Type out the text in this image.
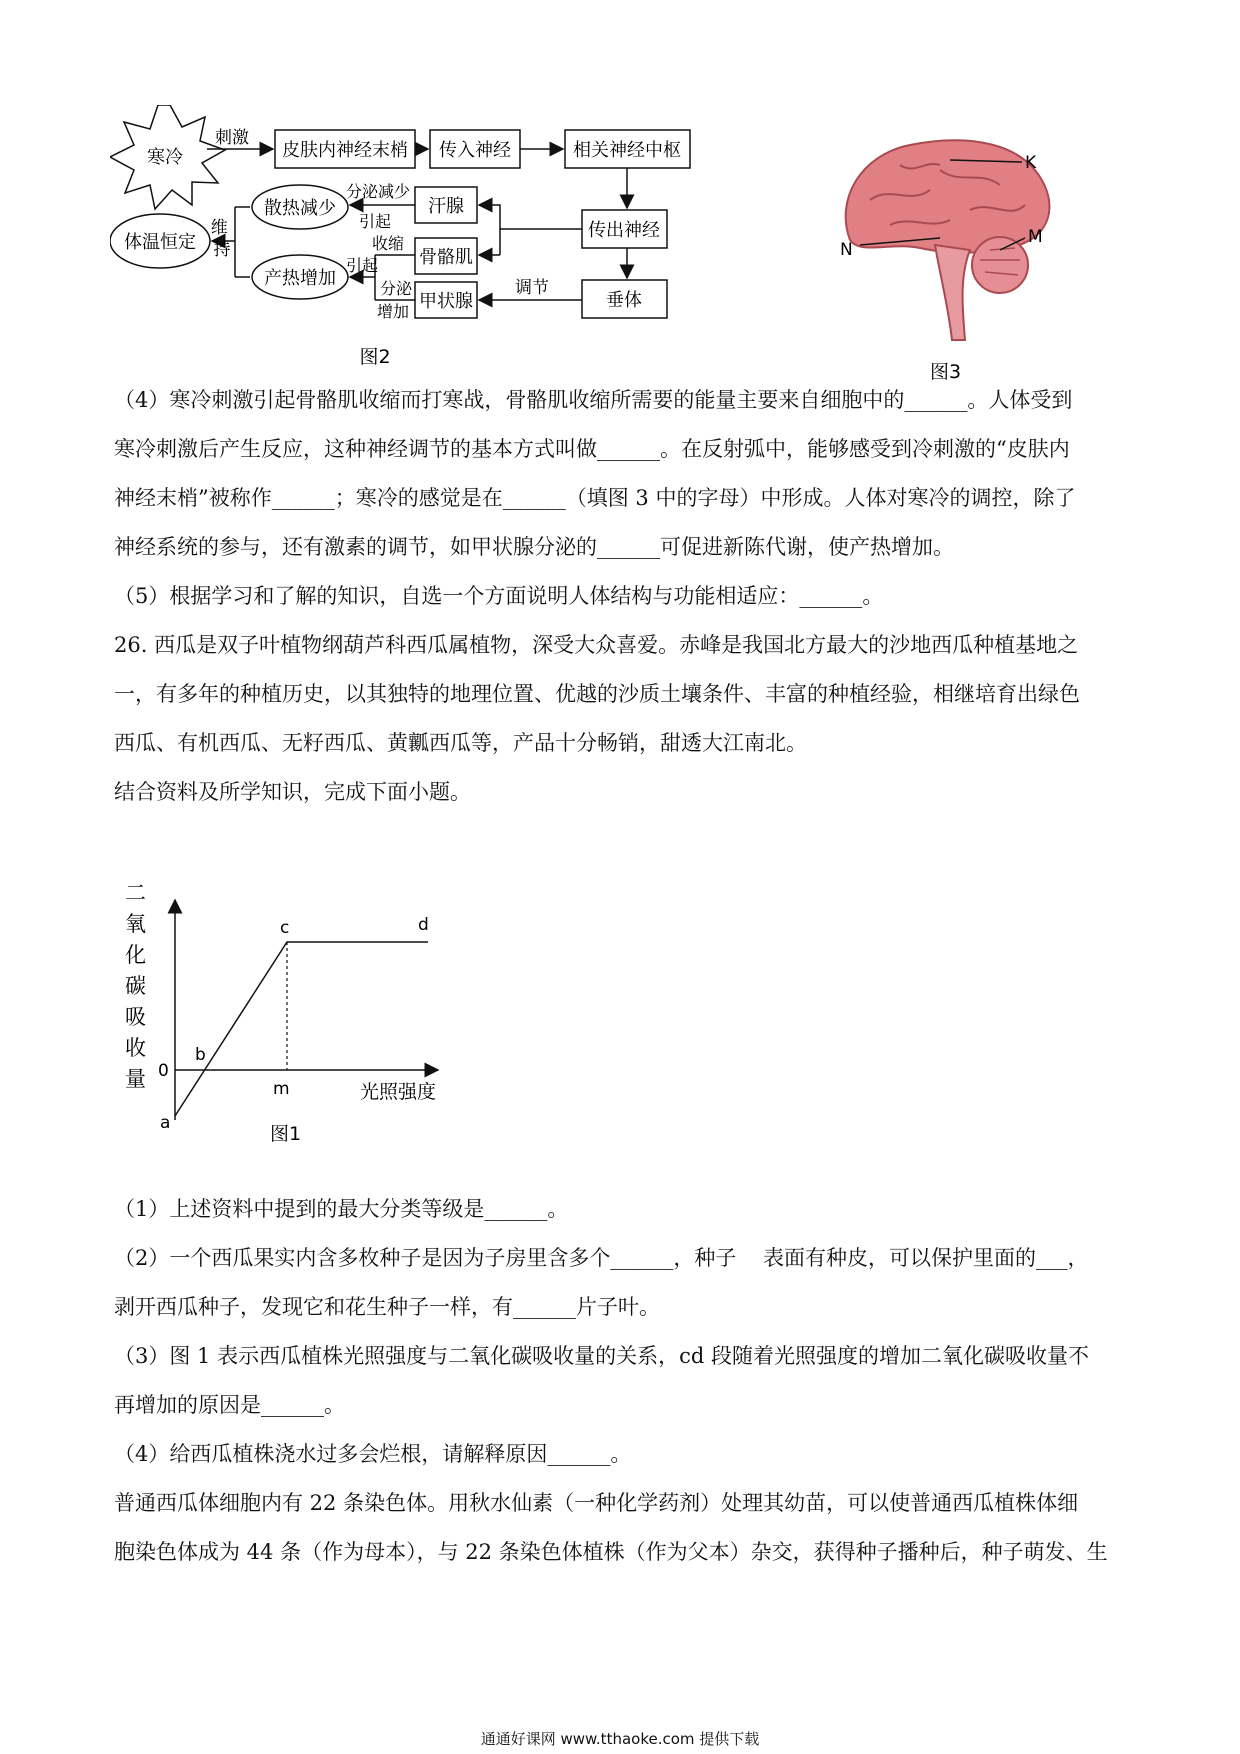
寒冷	皮肤内神经末梢 传入神经	相关神经中枢
刺激
传出神经
垂体
汗腺
骨骼肌
甲状腺
调节
散热减少
产热增加
体温恒定
分泌减少
引起
收缩
引起
分泌
增加
维 持
图2
K
M
N
图3

（4）寒冷刺激引起骨骼肌收缩而打寒战，骨骼肌收缩所需要的能量主要来自细胞中的______。人体受到
寒冷刺激后产生反应，这种神经调节的基本方式叫做______。在反射弧中，能够感受到冷刺激的“皮肤内
神经末梢”被称作______；寒冷的感觉是在______（填图 3 中的字母）中形成。人体对寒冷的调控，除了
神经系统的参与，还有激素的调节，如甲状腺分泌的______可促进新陈代谢，使产热增加。
（5）根据学习和了解的知识，自选一个方面说明人体结构与功能相适应：______。
26. 西瓜是双子叶植物纲葫芦科西瓜属植物，深受大众喜爱。赤峰是我国北方最大的沙地西瓜种植基地之
一，有多年的种植历史，以其独特的地理位置、优越的沙质土壤条件、丰富的种植经验，相继培育出绿色
西瓜、有机西瓜、无籽西瓜、黄瓤西瓜等，产品十分畅销，甜透大江南北。
结合资料及所学知识，完成下面小题。

二
氧
化
碳
吸
收
量 0
a
b
c	d
m	光照强度
图1

（1）上述资料中提到的最大分类等级是______。
（2）一个西瓜果实内含多枚种子是因为子房里含多个______，种子    表面有种皮，可以保护里面的___，
剥开西瓜种子，发现它和花生种子一样，有______片子叶。
（3）图 1 表示西瓜植株光照强度与二氧化碳吸收量的关系，cd 段随着光照强度的增加二氧化碳吸收量不
再增加的原因是______。
（4）给西瓜植株浇水过多会烂根，请解释原因______。
普通西瓜体细胞内有 22 条染色体。用秋水仙素（一种化学药剂）处理其幼苗，可以使普通西瓜植株体细
胞染色体成为 44 条（作为母本），与 22 条染色体植株（作为父本）杂交，获得种子播种后，种子萌发、生

通通好课网 www.tthaoke.com 提供下载
